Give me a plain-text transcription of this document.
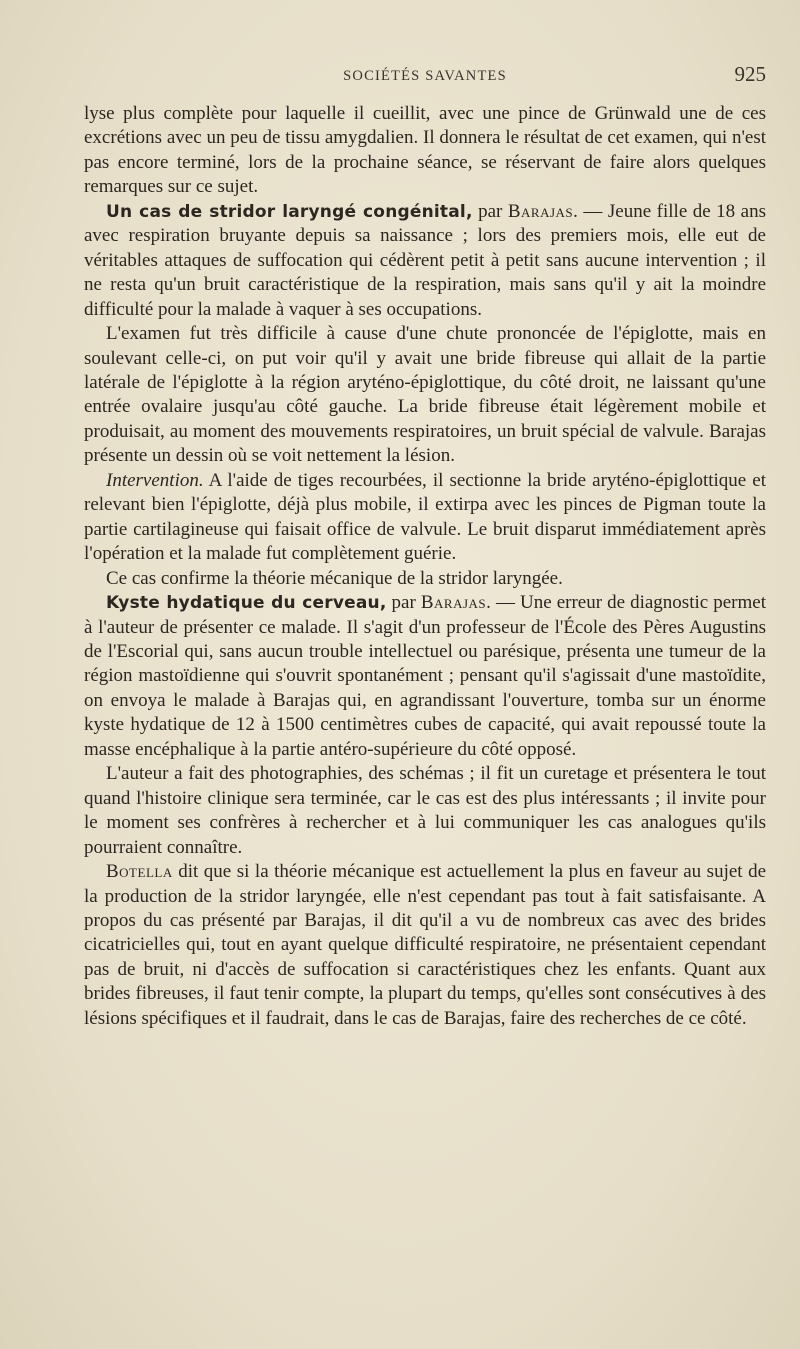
SOCIÉTÉS SAVANTES	925

lyse plus complète pour laquelle il cueillit, avec une pince de Grünwald une de ces excrétions avec un peu de tissu amygdalien. Il donnera le résultat de cet examen, qui n'est pas encore terminé, lors de la prochaine séance, se réservant de faire alors quelques remarques sur ce sujet.

Un cas de stridor laryngé congénital, par Barajas. — Jeune fille de 18 ans avec respiration bruyante depuis sa naissance ; lors des premiers mois, elle eut de véritables attaques de suffocation qui cédèrent petit à petit sans aucune intervention ; il ne resta qu'un bruit caractéristique de la respiration, mais sans qu'il y ait la moindre difficulté pour la malade à vaquer à ses occupations.

L'examen fut très difficile à cause d'une chute prononcée de l'épiglotte, mais en soulevant celle-ci, on put voir qu'il y avait une bride fibreuse qui allait de la partie latérale de l'épiglotte à la région aryténo-épiglottique, du côté droit, ne laissant qu'une entrée ovalaire jusqu'au côté gauche. La bride fibreuse était légèrement mobile et produisait, au moment des mouvements respiratoires, un bruit spécial de valvule. Barajas présente un dessin où se voit nettement la lésion.

Intervention. A l'aide de tiges recourbées, il sectionne la bride aryténo-épiglottique et relevant bien l'épiglotte, déjà plus mobile, il extirpa avec les pinces de Pigman toute la partie cartilagineuse qui faisait office de valvule. Le bruit disparut immédiatement après l'opération et la malade fut complètement guérie.

Ce cas confirme la théorie mécanique de la stridor laryngée.

Kyste hydatique du cerveau, par Barajas. — Une erreur de diagnostic permet à l'auteur de présenter ce malade. Il s'agit d'un professeur de l'École des Pères Augustins de l'Escorial qui, sans aucun trouble intellectuel ou parésique, présenta une tumeur de la région mastoïdienne qui s'ouvrit spontanément ; pensant qu'il s'agissait d'une mastoïdite, on envoya le malade à Barajas qui, en agrandissant l'ouverture, tomba sur un énorme kyste hydatique de 12 à 1500 centimètres cubes de capacité, qui avait repoussé toute la masse encéphalique à la partie antéro-supérieure du côté opposé.

L'auteur a fait des photographies, des schémas ; il fit un curetage et présentera le tout quand l'histoire clinique sera terminée, car le cas est des plus intéressants ; il invite pour le moment ses confrères à rechercher et à lui communiquer les cas analogues qu'ils pourraient connaître.

Botella dit que si la théorie mécanique est actuellement la plus en faveur au sujet de la production de la stridor laryngée, elle n'est cependant pas tout à fait satisfaisante. A propos du cas présenté par Barajas, il dit qu'il a vu de nombreux cas avec des brides cicatricielles qui, tout en ayant quelque difficulté respiratoire, ne présentaient cependant pas de bruit, ni d'accès de suffocation si caractéristiques chez les enfants. Quant aux brides fibreuses, il faut tenir compte, la plupart du temps, qu'elles sont consécutives à des lésions spécifiques et il faudrait, dans le cas de Barajas, faire des recherches de ce côté.
